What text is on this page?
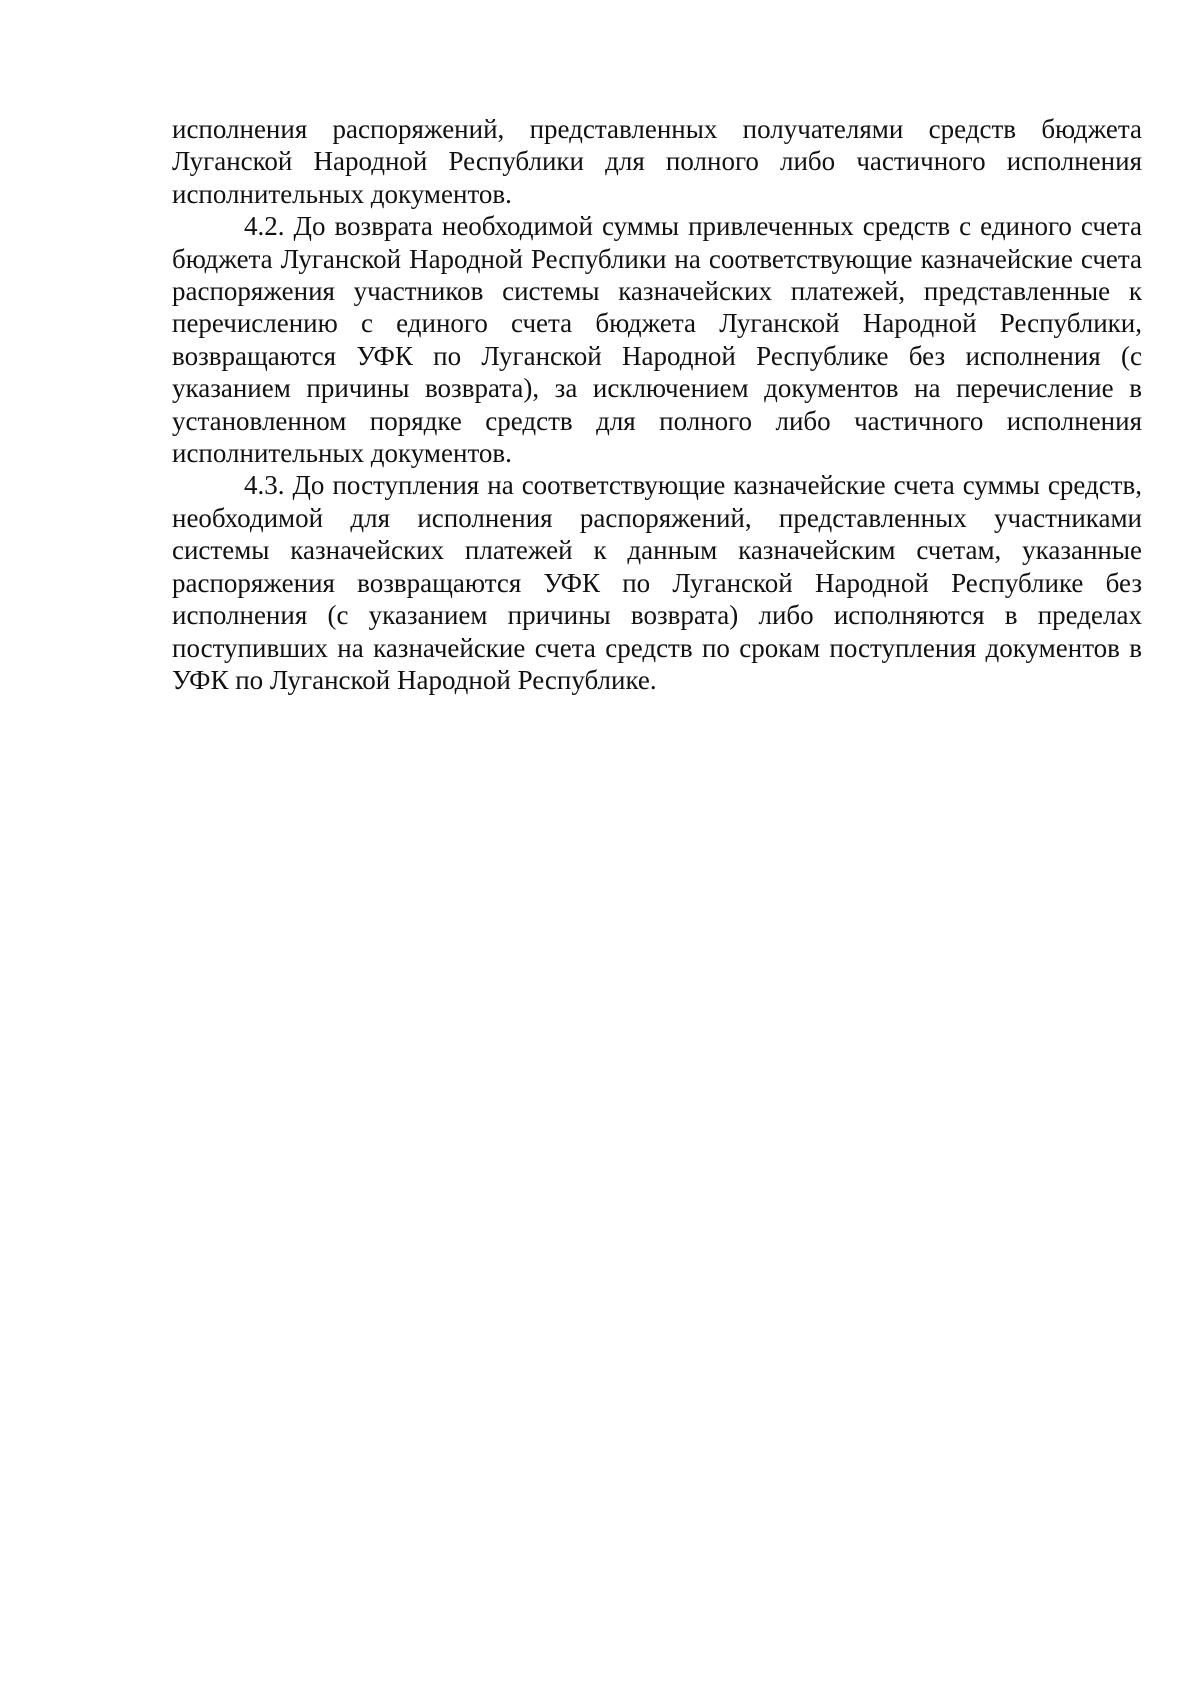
исполнения распоряжений, представленных получателями средств бюджета Луганской Народной Республики для полного либо частичного исполнения исполнительных документов.

4.2. До возврата необходимой суммы привлеченных средств с единого счета бюджета Луганской Народной Республики на соответствующие казначейские счета распоряжения участников системы казначейских платежей, представленные к перечислению с единого счета бюджета Луганской Народной Республики, возвращаются УФК по Луганской Народной Республике без исполнения (с указанием причины возврата), за исключением документов на перечисление в установленном порядке средств для полного либо частичного исполнения исполнительных документов.

4.3. До поступления на соответствующие казначейские счета суммы средств, необходимой для исполнения распоряжений, представленных участниками системы казначейских платежей к данным казначейским счетам, указанные распоряжения возвращаются УФК по Луганской Народной Республике без исполнения (с указанием причины возврата) либо исполняются в пределах поступивших на казначейские счета средств по срокам поступления документов в УФК по Луганской Народной Республике.
